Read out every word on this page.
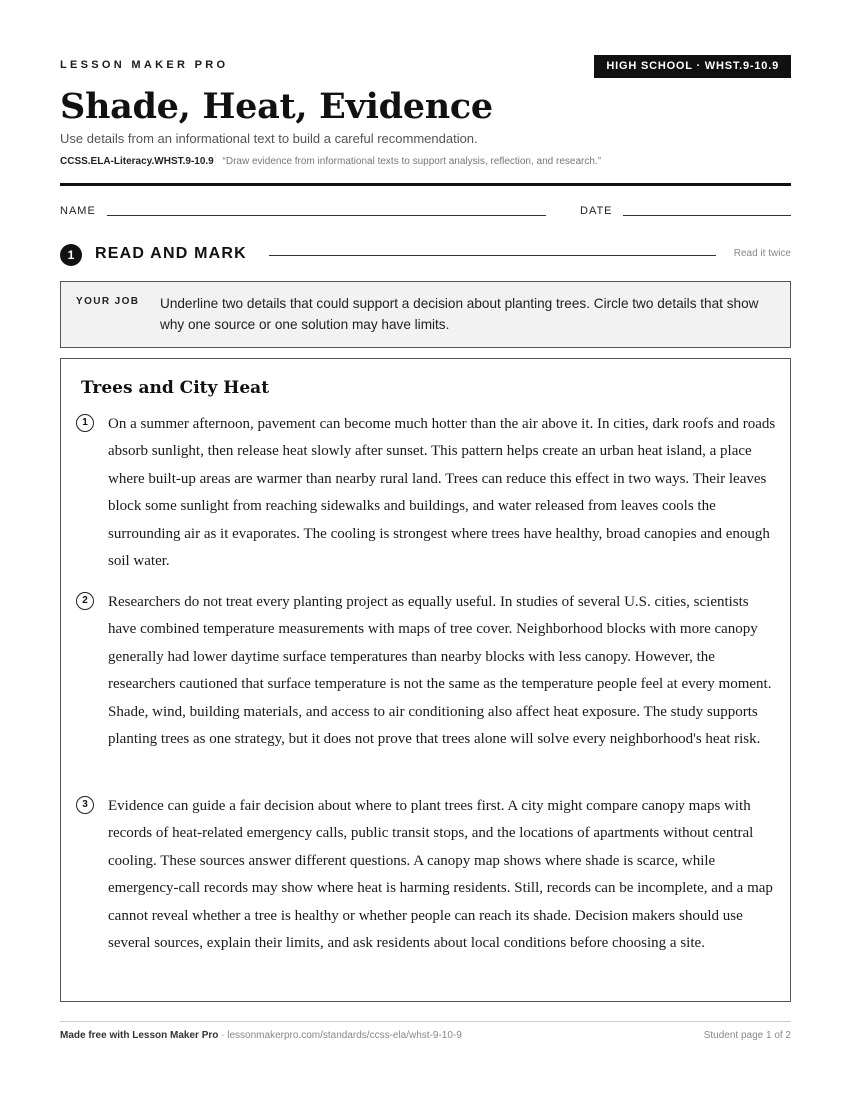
LESSON MAKER PRO	HIGH SCHOOL · WHST.9-10.9
Shade, Heat, Evidence
Use details from an informational text to build a careful recommendation.
CCSS.ELA-Literacy.WHST.9-10.9 “Draw evidence from informational texts to support analysis, reflection, and research.”
NAME	DATE
1	READ AND MARK	Read it twice
YOUR JOB Underline two details that could support a decision about planting trees. Circle two details that show why one source or one solution may have limits.
Trees and City Heat
1	On a summer afternoon, pavement can become much hotter than the air above it. In cities, dark roofs and roads absorb sunlight, then release heat slowly after sunset. This pattern helps create an urban heat island, a place where built-up areas are warmer than nearby rural land. Trees can reduce this effect in two ways. Their leaves block some sunlight from reaching sidewalks and buildings, and water released from leaves cools the surrounding air as it evaporates. The cooling is strongest where trees have healthy, broad canopies and enough soil water.

2	Researchers do not treat every planting project as equally useful. In studies of several U.S. cities, scientists have combined temperature measurements with maps of tree cover. Neighborhood blocks with more canopy generally had lower daytime surface temperatures than nearby blocks with less canopy. However, the researchers cautioned that surface temperature is not the same as the temperature people feel at every moment. Shade, wind, building materials, and access to air conditioning also affect heat exposure. The study supports planting trees as one strategy, but it does not prove that trees alone will solve every neighborhood's heat risk.

3	Evidence can guide a fair decision about where to plant trees first. A city might compare canopy maps with records of heat-related emergency calls, public transit stops, and the locations of apartments without central cooling. These sources answer different questions. A canopy map shows where shade is scarce, while emergency-call records may show where heat is harming residents. Still, records can be incomplete, and a map cannot reveal whether a tree is healthy or whether people can reach its shade. Decision makers should use several sources, explain their limits, and ask residents about local conditions before choosing a site.

Made free with Lesson Maker Pro · lessonmakerpro.com/standards/ccss-ela/whst-9-10-9	Student page 1 of 2
